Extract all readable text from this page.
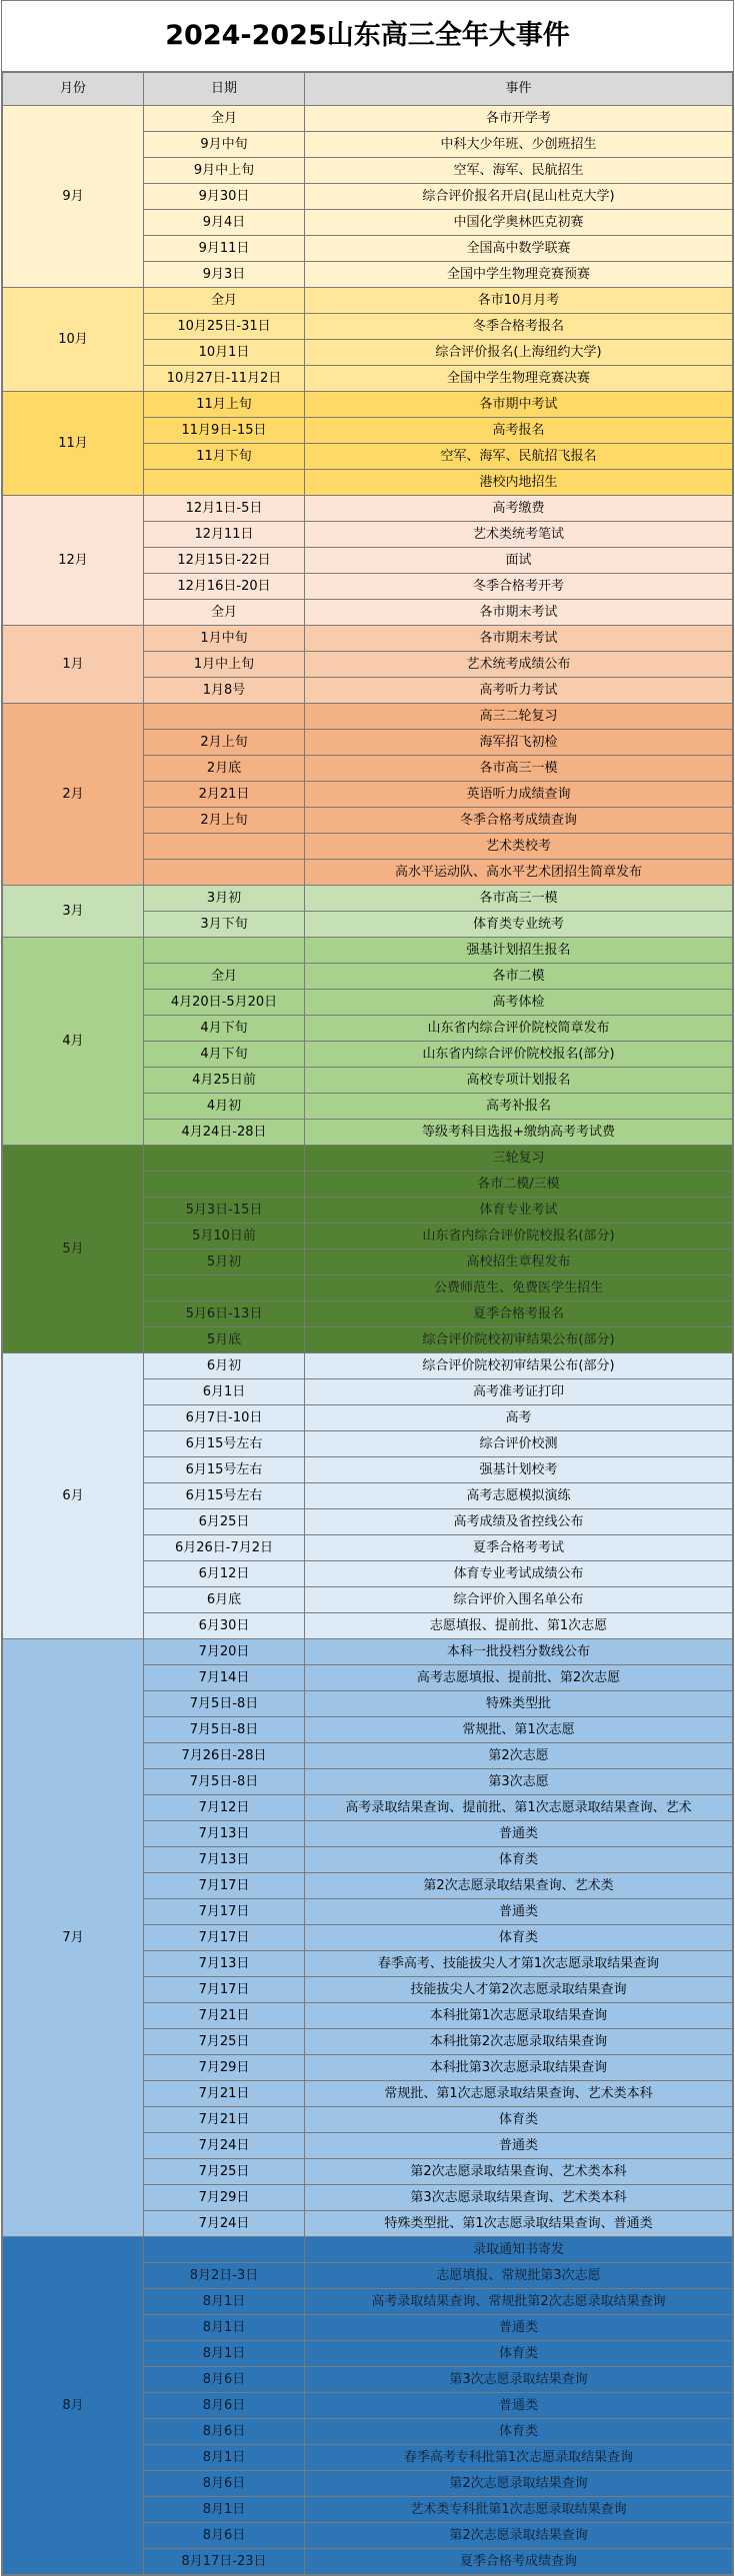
2024-2025山东高三全年大事件
月份	日期	事件
9月	全月	各市开学考
	9月中旬	中科大少年班、少创班招生
	9月中上旬	空军、海军、民航招生
	9月30日	综合评价报名开启(昆山杜克大学)
	9月4日	中国化学奥林匹克初赛
	9月11日	全国高中数学联赛
	9月3日	全国中学生物理竞赛预赛
10月	全月	各市10月月考
	10月25日-31日	冬季合格考报名
	10月1日	综合评价报名(上海纽约大学)
	10月27日-11月2日	全国中学生物理竞赛决赛
11月	11月上旬	各市期中考试
	11月9日-15日	高考报名
	11月下旬	空军、海军、民航招飞报名
		港校内地招生
12月	12月1日-5日	高考缴费
	12月11日	艺术类统考笔试
	12月15日-22日	面试
	12月16日-20日	冬季合格考开考
	全月	各市期末考试
1月	1月中旬	各市期末考试
	1月中上旬	艺术统考成绩公布
	1月8号	高考听力考试
2月		高三二轮复习
	2月上旬	海军招飞初检
	2月底	各市高三一模
	2月21日	英语听力成绩查询
	2月上旬	冬季合格考成绩查询
		艺术类校考
		高水平运动队、高水平艺术团招生简章发布
3月	3月初	各市高三一模
	3月下旬	体育类专业统考
4月		强基计划招生报名
	全月	各市二模
	4月20日-5月20日	高考体检
	4月下旬	山东省内综合评价院校简章发布
	4月下旬	山东省内综合评价院校报名(部分)
	4月25日前	高校专项计划报名
	4月初	高考补报名
	4月24日-28日	等级考科目选报+缴纳高考考试费
5月		三轮复习
		各市二模/三模
	5月3日-15日	体育专业考试
	5月10日前	山东省内综合评价院校报名(部分)
	5月初	高校招生章程发布
		公费师范生、免费医学生招生
	5月6日-13日	夏季合格考报名
	5月底	综合评价院校初审结果公布(部分)
6月	6月初	综合评价院校初审结果公布(部分)
	6月1日	高考准考证打印
	6月7日-10日	高考
	6月15号左右	综合评价校测
	6月15号左右	强基计划校考
	6月15号左右	高考志愿模拟演练
	6月25日	高考成绩及省控线公布
	6月26日-7月2日	夏季合格考考试
	6月12日	体育专业考试成绩公布
	6月底	综合评价入围名单公布
	6月30日	志愿填报、提前批、第1次志愿
7月	7月20日	本科一批投档分数线公布
	7月14日	高考志愿填报、提前批、第2次志愿
	7月5日-8日	特殊类型批
	7月5日-8日	常规批、第1次志愿
	7月26日-28日	第2次志愿
	7月5日-8日	第3次志愿
	7月12日	高考录取结果查询、提前批、第1次志愿录取结果查询、艺术
	7月13日	普通类
	7月13日	体育类
	7月17日	第2次志愿录取结果查询、艺术类
	7月17日	普通类
	7月17日	体育类
	7月13日	春季高考、技能拔尖人才第1次志愿录取结果查询
	7月17日	技能拔尖人才第2次志愿录取结果查询
	7月21日	本科批第1次志愿录取结果查询
	7月25日	本科批第2次志愿录取结果查询
	7月29日	本科批第3次志愿录取结果查询
	7月21日	常规批、第1次志愿录取结果查询、艺术类本科
	7月21日	体育类
	7月24日	普通类
	7月25日	第2次志愿录取结果查询、艺术类本科
	7月29日	第3次志愿录取结果查询、艺术类本科
	7月24日	特殊类型批、第1次志愿录取结果查询、普通类
8月		录取通知书寄发
	8月2日-3日	志愿填报、常规批第3次志愿
	8月1日	高考录取结果查询、常规批第2次志愿录取结果查询
	8月1日	普通类
	8月1日	体育类
	8月6日	第3次志愿录取结果查询
	8月6日	普通类
	8月6日	体育类
	8月1日	春季高考专科批第1次志愿录取结果查询
	8月6日	第2次志愿录取结果查询
	8月1日	艺术类专科批第1次志愿录取结果查询
	8月6日	第2次志愿录取结果查询
	8月17日-23日	夏季合格考成绩查询
